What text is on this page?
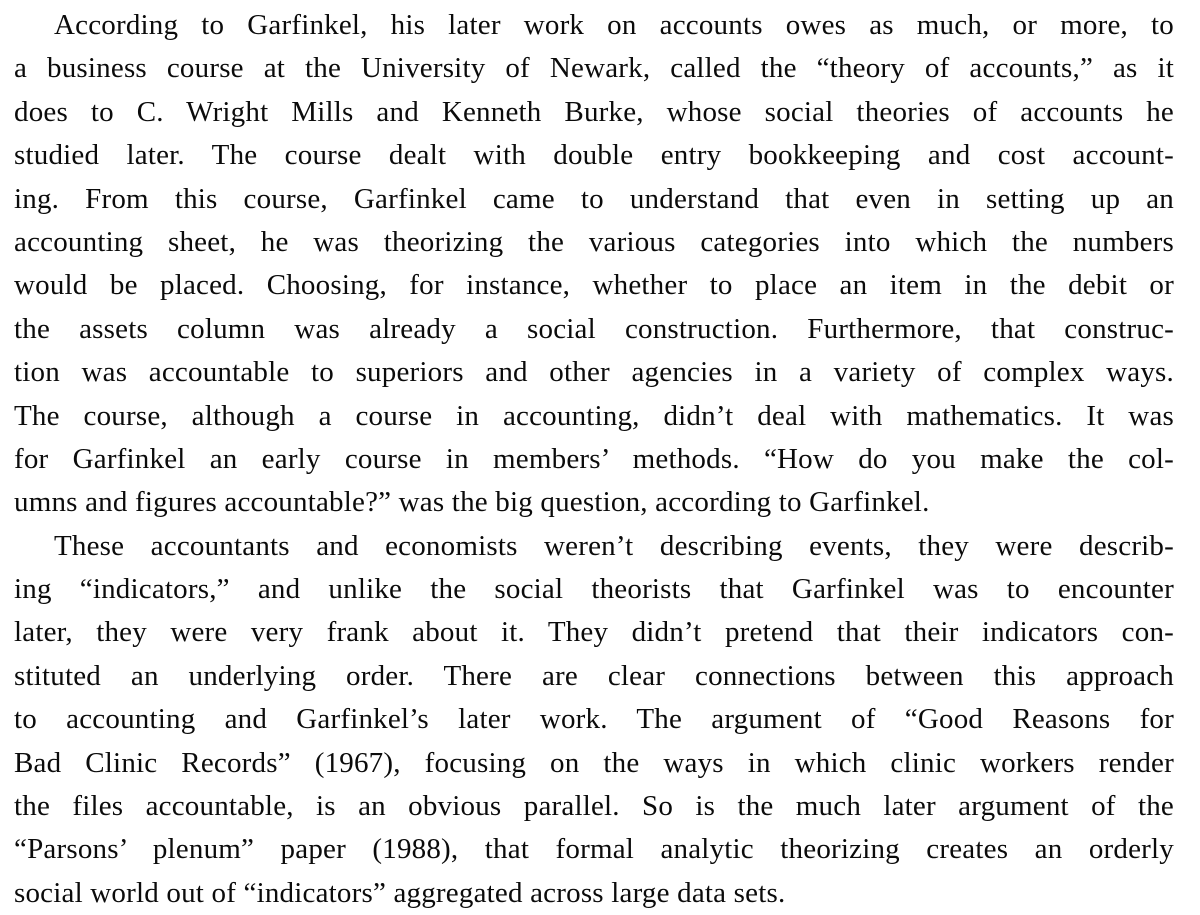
According to Garfinkel, his later work on accounts owes as much, or more, to
a business course at the University of Newark, called the “theory of accounts,” as it
does to C. Wright Mills and Kenneth Burke, whose social theories of accounts he
studied later. The course dealt with double entry bookkeeping and cost account-
ing. From this course, Garfinkel came to understand that even in setting up an
accounting sheet, he was theorizing the various categories into which the numbers
would be placed. Choosing, for instance, whether to place an item in the debit or
the assets column was already a social construction. Furthermore, that construc-
tion was accountable to superiors and other agencies in a variety of complex ways.
The course, although a course in accounting, didn’t deal with mathematics. It was
for Garfinkel an early course in members’ methods. “How do you make the col-
umns and figures accountable?” was the big question, according to Garfinkel.
These accountants and economists weren’t describing events, they were describ-
ing “indicators,” and unlike the social theorists that Garfinkel was to encounter
later, they were very frank about it. They didn’t pretend that their indicators con-
stituted an underlying order. There are clear connections between this approach
to accounting and Garfinkel’s later work. The argument of “Good Reasons for
Bad Clinic Records” (1967), focusing on the ways in which clinic workers render
the files accountable, is an obvious parallel. So is the much later argument of the
“Parsons’ plenum” paper (1988), that formal analytic theorizing creates an orderly
social world out of “indicators” aggregated across large data sets.
